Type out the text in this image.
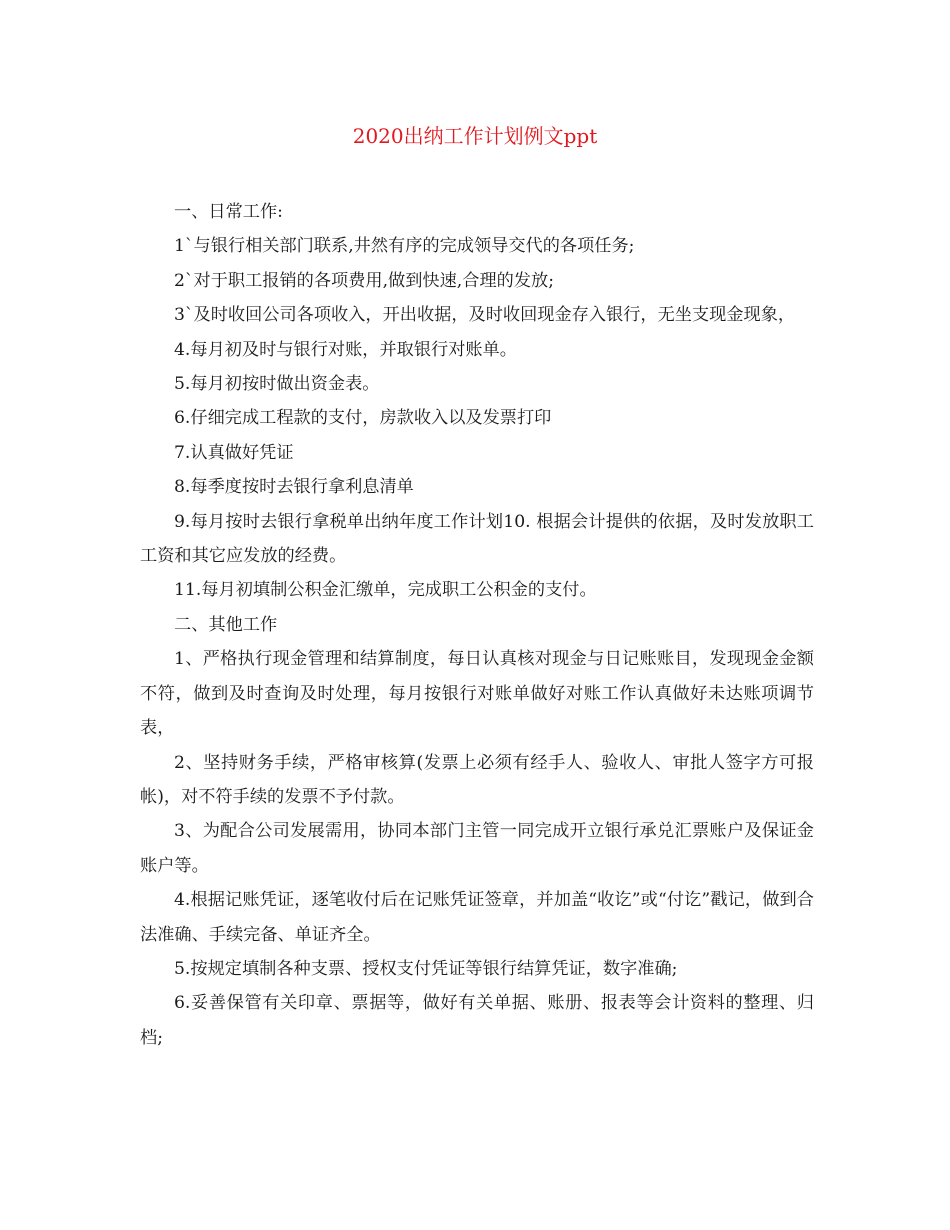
2020出纳工作计划例文ppt

一、日常工作:

1`与银行相关部门联系,井然有序的完成领导交代的各项任务;

2`对于职工报销的各项费用,做到快速,合理的发放;

3`及时收回公司各项收入，开出收据，及时收回现金存入银行，无坐支现金现象，

4.每月初及时与银行对账，并取银行对账单。

5.每月初按时做出资金表。

6.仔细完成工程款的支付，房款收入以及发票打印

7.认真做好凭证

8.每季度按时去银行拿利息清单

9.每月按时去银行拿税单出纳年度工作计划10. 根据会计提供的依据，及时发放职工工资和其它应发放的经费。

11.每月初填制公积金汇缴单，完成职工公积金的支付。

二、其他工作

1、严格执行现金管理和结算制度，每日认真核对现金与日记账账目，发现现金金额不符，做到及时查询及时处理，每月按银行对账单做好对账工作认真做好未达账项调节表，

2、坚持财务手续，严格审核算(发票上必须有经手人、验收人、审批人签字方可报帐)，对不符手续的发票不予付款。

3、为配合公司发展需用，协同本部门主管一同完成开立银行承兑汇票账户及保证金账户等。

4.根据记账凭证，逐笔收付后在记账凭证签章，并加盖“收讫”或“付讫”戳记，做到合法准确、手续完备、单证齐全。

5.按规定填制各种支票、授权支付凭证等银行结算凭证，数字准确;

6.妥善保管有关印章、票据等，做好有关单据、账册、报表等会计资料的整理、归档;
